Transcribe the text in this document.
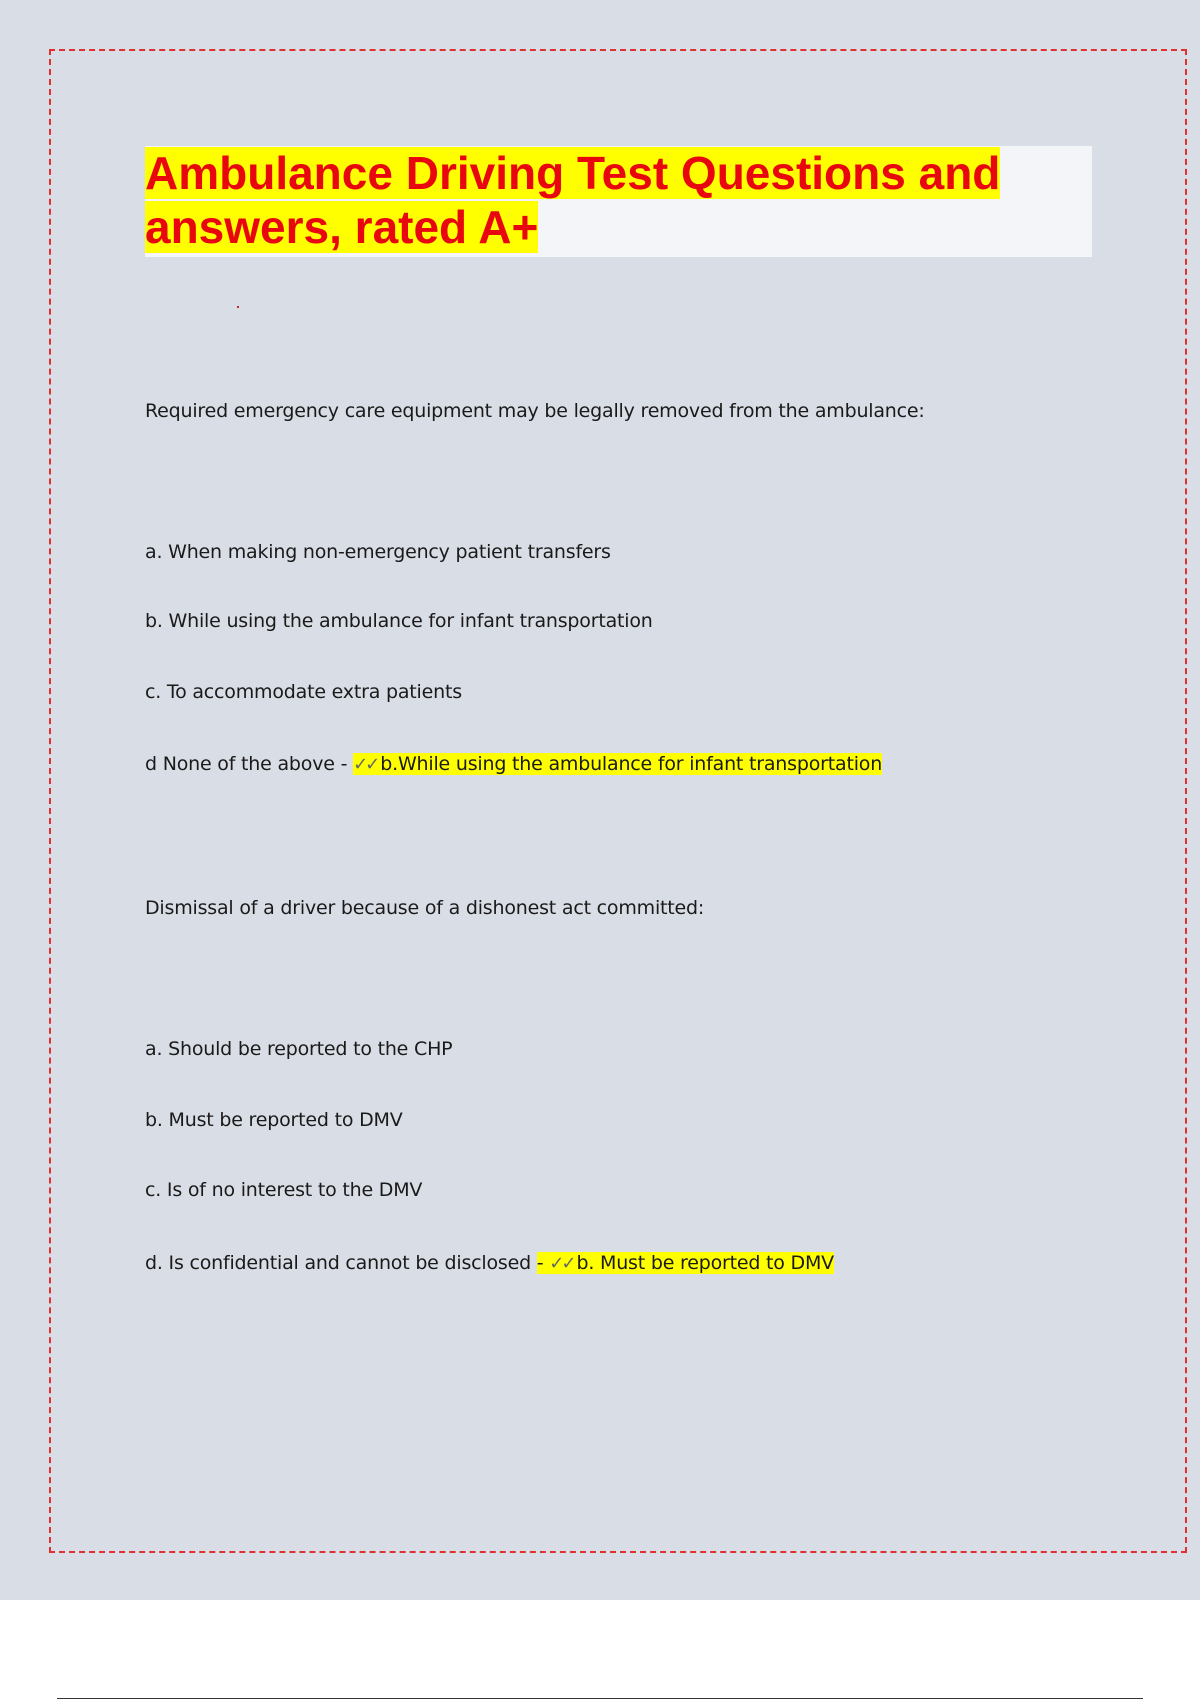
Ambulance Driving Test Questions and
answers, rated A+

Required emergency care equipment may be legally removed from the ambulance:

a. When making non-emergency patient transfers

b. While using the ambulance for infant transportation

c. To accommodate extra patients

d None of the above - ✓✓ b.While using the ambulance for infant transportation

Dismissal of a driver because of a dishonest act committed:

a. Should be reported to the CHP

b. Must be reported to DMV

c. Is of no interest to the DMV

d. Is confidential and cannot be disclosed - ✓✓ b. Must be reported to DMV
